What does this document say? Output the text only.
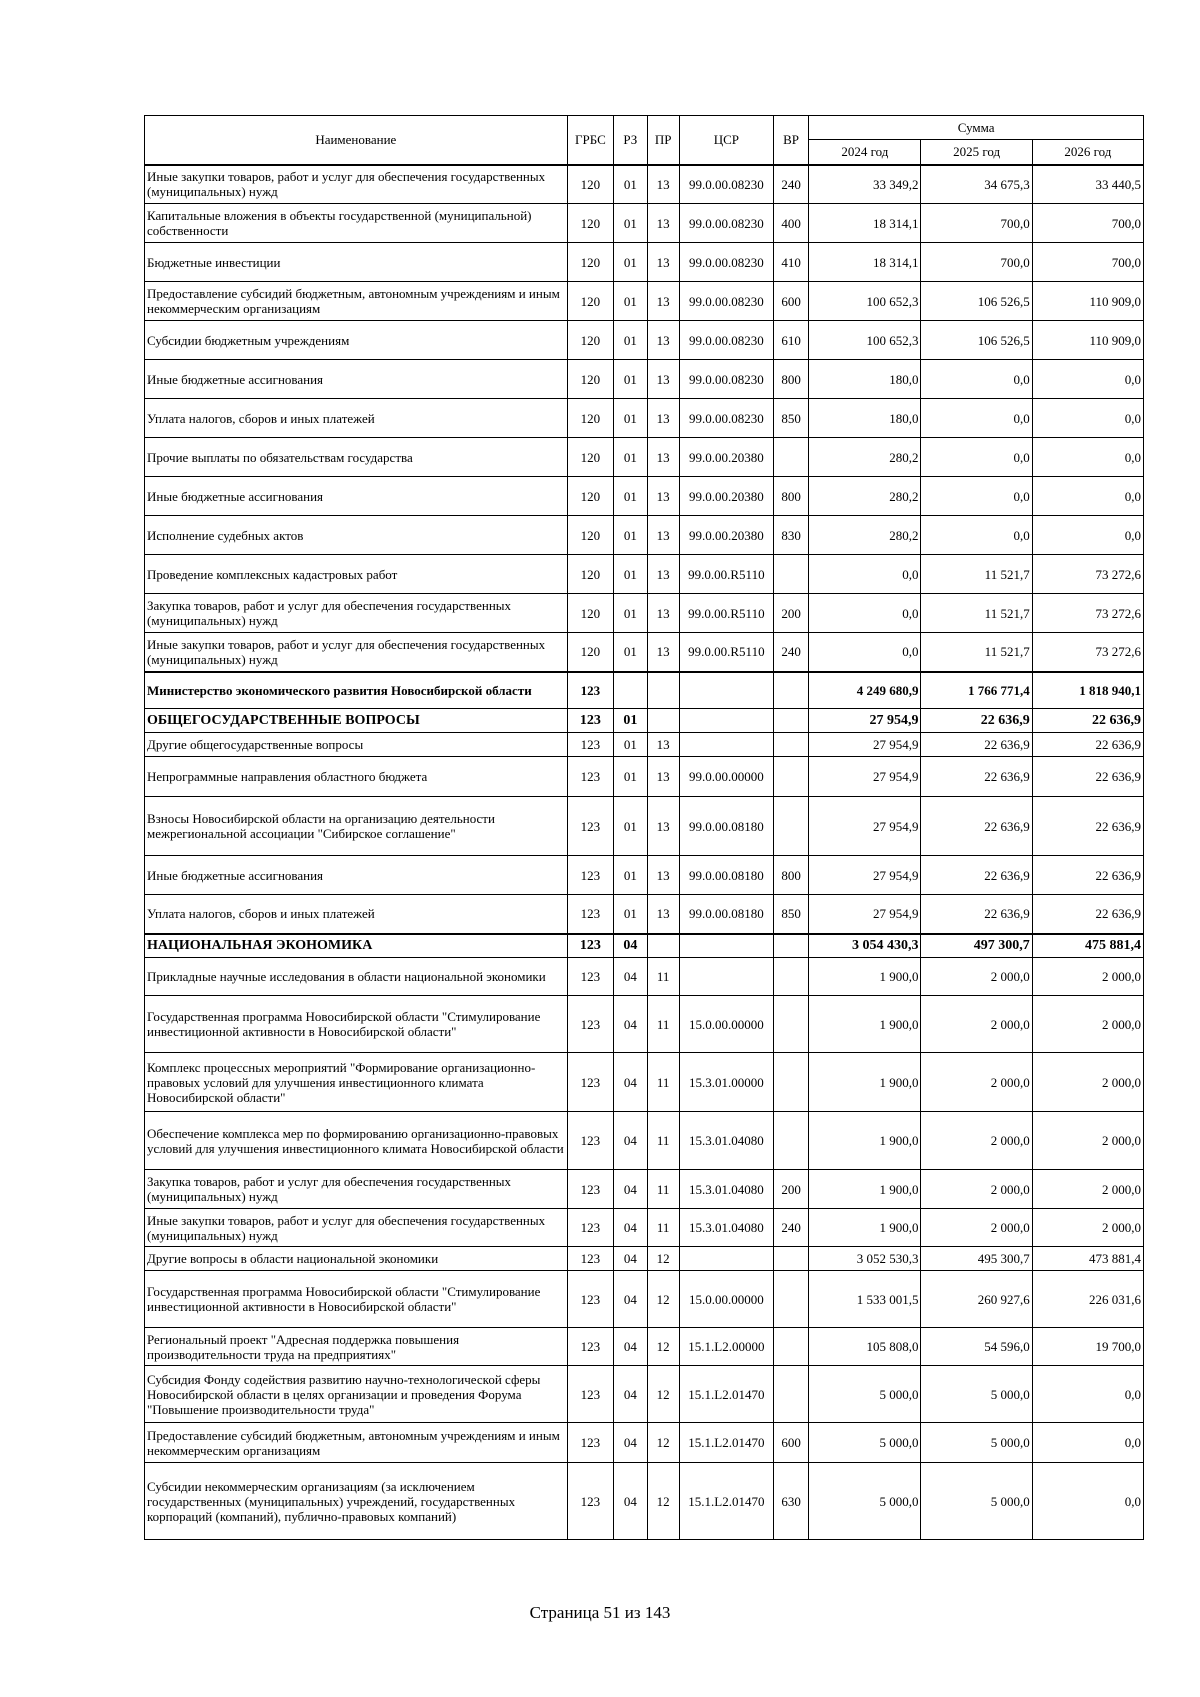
Наименование	ГРБС	РЗ	ПР	ЦСР	ВР	Сумма		
						2024 год	2025 год	2026 год
Иные закупки товаров, работ и услуг для обеспечения государственных (муниципальных) нужд	120	01	13	99.0.00.08230	240	33 349,2	34 675,3	33 440,5
Капитальные вложения в объекты государственной (муниципальной) собственности	120	01	13	99.0.00.08230	400	18 314,1	700,0	700,0
Бюджетные инвестиции	120	01	13	99.0.00.08230	410	18 314,1	700,0	700,0
Предоставление субсидий бюджетным, автономным учреждениям и иным некоммерческим организациям	120	01	13	99.0.00.08230	600	100 652,3	106 526,5	110 909,0
Субсидии бюджетным учреждениям	120	01	13	99.0.00.08230	610	100 652,3	106 526,5	110 909,0
Иные бюджетные ассигнования	120	01	13	99.0.00.08230	800	180,0	0,0	0,0
Уплата налогов, сборов и иных платежей	120	01	13	99.0.00.08230	850	180,0	0,0	0,0
Прочие выплаты по обязательствам государства	120	01	13	99.0.00.20380		280,2	0,0	0,0
Иные бюджетные ассигнования	120	01	13	99.0.00.20380	800	280,2	0,0	0,0
Исполнение судебных актов	120	01	13	99.0.00.20380	830	280,2	0,0	0,0
Проведение комплексных кадастровых работ	120	01	13	99.0.00.R5110		0,0	11 521,7	73 272,6
Закупка товаров, работ и услуг для обеспечения государственных (муниципальных) нужд	120	01	13	99.0.00.R5110	200	0,0	11 521,7	73 272,6
Иные закупки товаров, работ и услуг для обеспечения государственных (муниципальных) нужд	120	01	13	99.0.00.R5110	240	0,0	11 521,7	73 272,6
Министерство экономического развития Новосибирской области	123					4 249 680,9	1 766 771,4	1 818 940,1
ОБЩЕГОСУДАРСТВЕННЫЕ ВОПРОСЫ	123	01				27 954,9	22 636,9	22 636,9
Другие общегосударственные вопросы	123	01	13			27 954,9	22 636,9	22 636,9
Непрограммные направления областного бюджета	123	01	13	99.0.00.00000		27 954,9	22 636,9	22 636,9
Взносы Новосибирской области на организацию деятельности межрегиональной ассоциации "Сибирское соглашение"	123	01	13	99.0.00.08180		27 954,9	22 636,9	22 636,9
Иные бюджетные ассигнования	123	01	13	99.0.00.08180	800	27 954,9	22 636,9	22 636,9
Уплата налогов, сборов и иных платежей	123	01	13	99.0.00.08180	850	27 954,9	22 636,9	22 636,9
НАЦИОНАЛЬНАЯ ЭКОНОМИКА	123	04				3 054 430,3	497 300,7	475 881,4
Прикладные научные исследования в области национальной экономики	123	04	11			1 900,0	2 000,0	2 000,0
Государственная программа Новосибирской области "Стимулирование инвестиционной активности в Новосибирской области"	123	04	11	15.0.00.00000		1 900,0	2 000,0	2 000,0
Комплекс процессных мероприятий "Формирование организационно-правовых условий для улучшения инвестиционного климата Новосибирской области"	123	04	11	15.3.01.00000		1 900,0	2 000,0	2 000,0
Обеспечение комплекса мер по формированию организационно-правовых условий для улучшения инвестиционного климата Новосибирской области	123	04	11	15.3.01.04080		1 900,0	2 000,0	2 000,0
Закупка товаров, работ и услуг для обеспечения государственных (муниципальных) нужд	123	04	11	15.3.01.04080	200	1 900,0	2 000,0	2 000,0
Иные закупки товаров, работ и услуг для обеспечения государственных (муниципальных) нужд	123	04	11	15.3.01.04080	240	1 900,0	2 000,0	2 000,0
Другие вопросы в области национальной экономики	123	04	12			3 052 530,3	495 300,7	473 881,4
Государственная программа Новосибирской области "Стимулирование инвестиционной активности в Новосибирской области"	123	04	12	15.0.00.00000		1 533 001,5	260 927,6	226 031,6
Региональный проект "Адресная поддержка повышения производительности труда на предприятиях"	123	04	12	15.1.L2.00000		105 808,0	54 596,0	19 700,0
Субсидия Фонду содействия развитию научно-технологической сферы Новосибирской области в целях организации и проведения Форума "Повышение производительности труда"	123	04	12	15.1.L2.01470		5 000,0	5 000,0	0,0
Предоставление субсидий бюджетным, автономным учреждениям и иным некоммерческим организациям	123	04	12	15.1.L2.01470	600	5 000,0	5 000,0	0,0
Субсидии некоммерческим организациям (за исключением государственных (муниципальных) учреждений, государственных корпораций (компаний), публично-правовых компаний)	123	04	12	15.1.L2.01470	630	5 000,0	5 000,0	0,0
Страница 51 из 143
